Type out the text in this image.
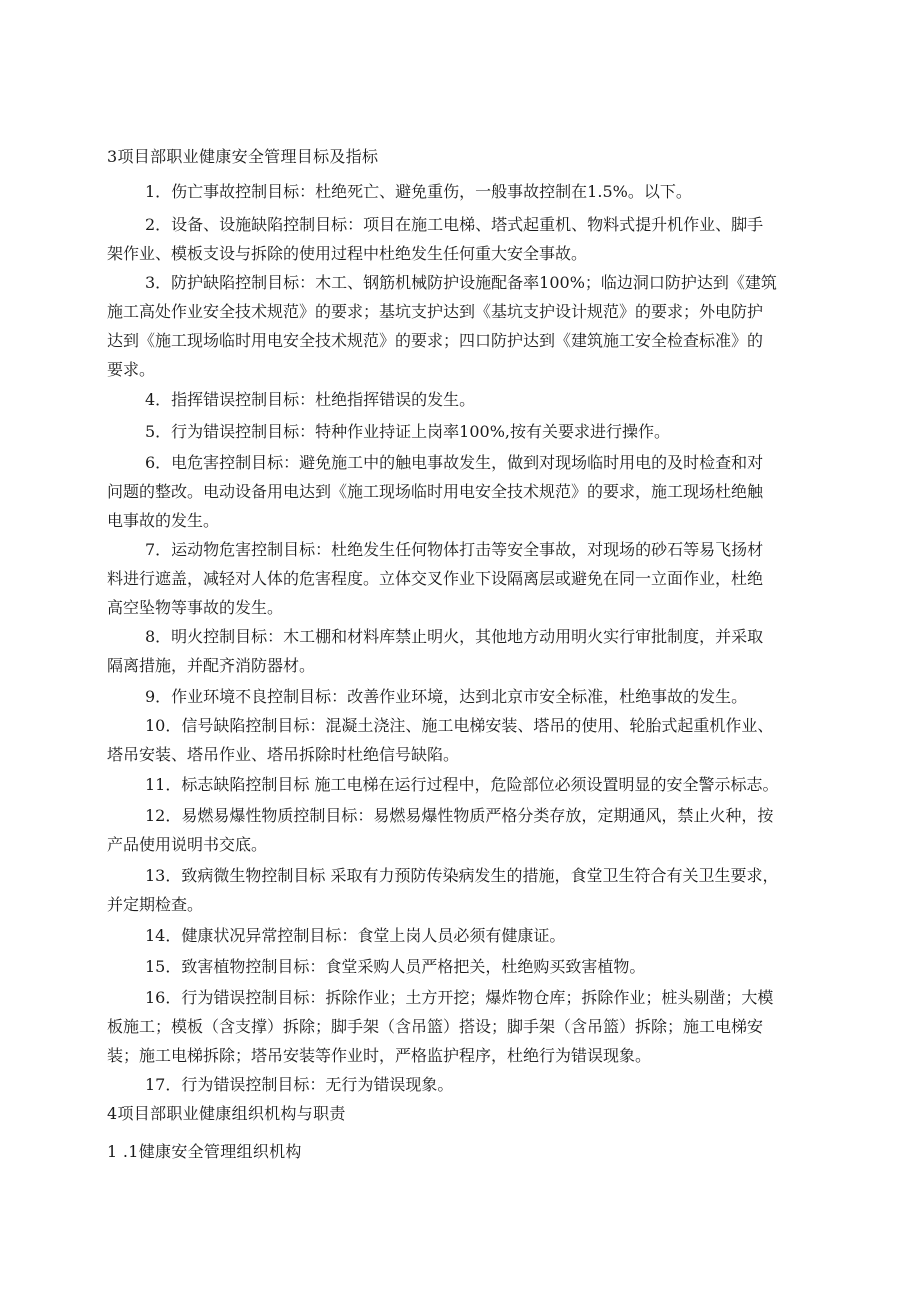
3项目部职业健康安全管理目标及指标
1．伤亡事故控制目标：杜绝死亡、避免重伤，一般事故控制在1.5%。以下。
2．设备、设施缺陷控制目标：项目在施工电梯、塔式起重机、物料式提升机作业、脚手
架作业、模板支设与拆除的使用过程中杜绝发生任何重大安全事故。
3．防护缺陷控制目标：木工、钢筋机械防护设施配备率100%；临边洞口防护达到《建筑
施工高处作业安全技术规范》的要求；基坑支护达到《基坑支护设计规范》的要求；外电防护
达到《施工现场临时用电安全技术规范》的要求；四口防护达到《建筑施工安全检查标准》的
要求。
4．指挥错误控制目标：杜绝指挥错误的发生。
5．行为错误控制目标：特种作业持证上岗率100%,按有关要求进行操作。
6．电危害控制目标：避免施工中的触电事故发生，做到对现场临时用电的及时检查和对
问题的整改。电动设备用电达到《施工现场临时用电安全技术规范》的要求，施工现场杜绝触
电事故的发生。
7．运动物危害控制目标：杜绝发生任何物体打击等安全事故，对现场的砂石等易飞扬材
料进行遮盖，减轻对人体的危害程度。立体交叉作业下设隔离层或避免在同一立面作业，杜绝
高空坠物等事故的发生。
8．明火控制目标：木工棚和材料库禁止明火，其他地方动用明火实行审批制度，并采取
隔离措施，并配齐消防器材。
9．作业环境不良控制目标：改善作业环境，达到北京市安全标准，杜绝事故的发生。
10．信号缺陷控制目标：混凝土浇注、施工电梯安装、塔吊的使用、轮胎式起重机作业、
塔吊安装、塔吊作业、塔吊拆除时杜绝信号缺陷。
11．标志缺陷控制目标 施工电梯在运行过程中，危险部位必须设置明显的安全警示标志。
12．易燃易爆性物质控制目标：易燃易爆性物质严格分类存放，定期通风，禁止火种，按
产品使用说明书交底。
13．致病微生物控制目标 采取有力预防传染病发生的措施，食堂卫生符合有关卫生要求，
并定期检查。
14．健康状况异常控制目标：食堂上岗人员必须有健康证。
15．致害植物控制目标：食堂采购人员严格把关，杜绝购买致害植物。
16．行为错误控制目标：拆除作业；土方开挖；爆炸物仓库；拆除作业；桩头剔凿；大模
板施工；模板（含支撑）拆除；脚手架（含吊篮）搭设；脚手架（含吊篮）拆除；施工电梯安
装；施工电梯拆除；塔吊安装等作业时，严格监护程序，杜绝行为错误现象。
17．行为错误控制目标：无行为错误现象。
4项目部职业健康组织机构与职责
1 .1健康安全管理组织机构
